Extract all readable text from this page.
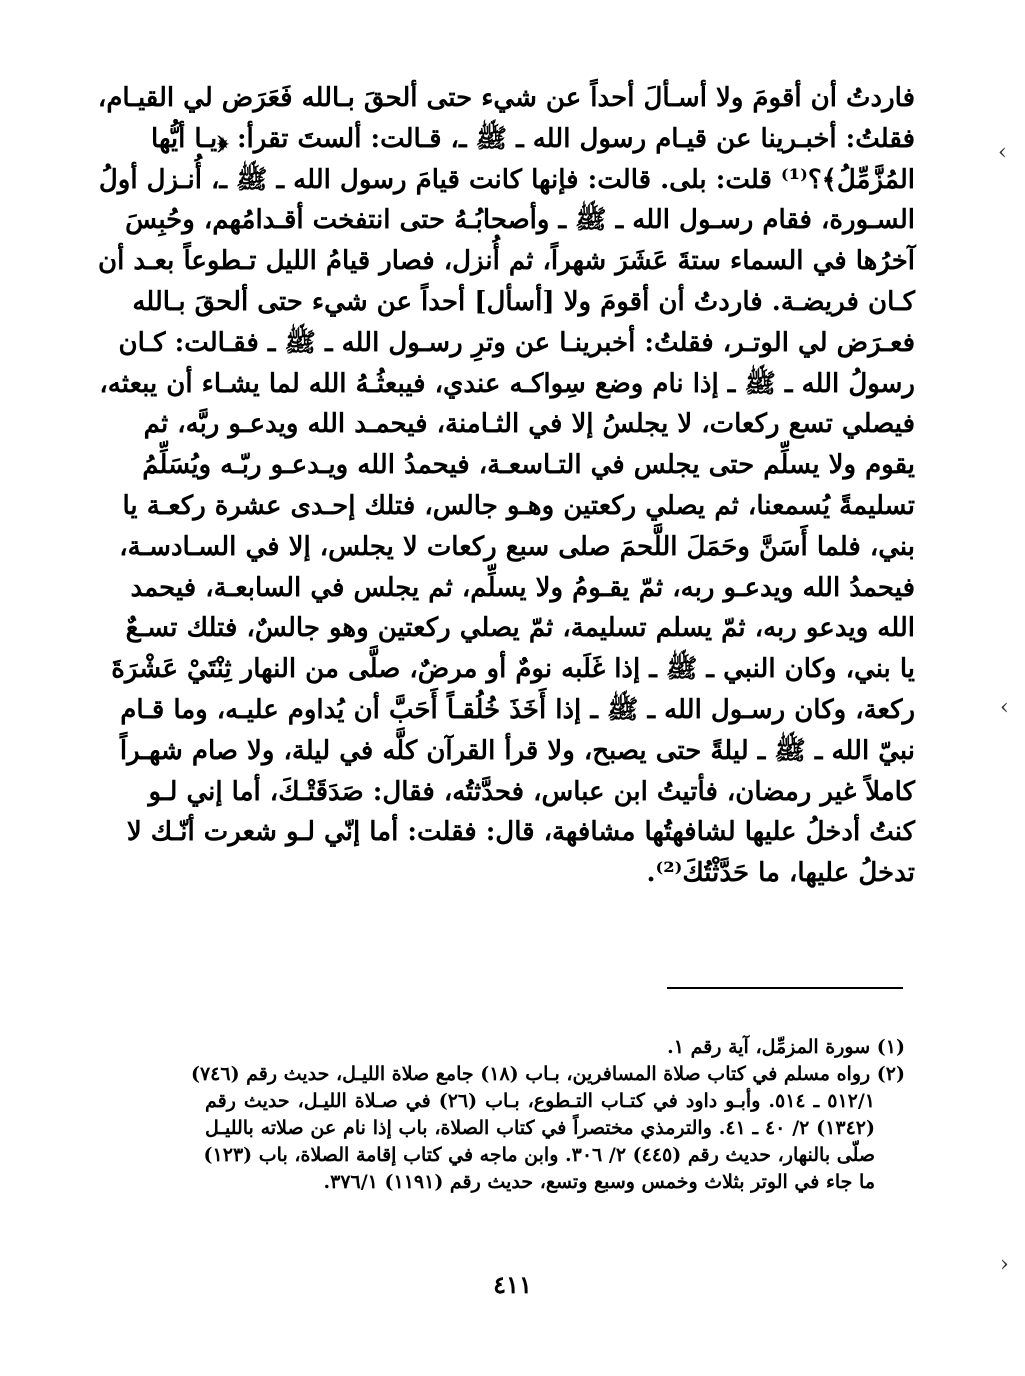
فاردتُ أن أقومَ ولا أسـألَ أحداً عن شيء حتى ألحقَ بـالله فَعَرَض لي القيـام،
فقلتُ: أخبـرينا عن قيـام رسول الله ـ ﷺ ـ، قـالت: ألستَ تقرأ: ﴿يـا أيُّها
المُزَّمِّلُ﴾؟⁽¹⁾ قلت: بلى. قالت: فإنها كانت قيامَ رسول الله ـ ﷺ ـ، أُنـزل أولُ
السـورة، فقام رسـول الله ـ ﷺ ـ وأصحابُـهُ حتى انتفخت أقـدامُهم، وحُبِسَ
آخرُها في السماء ستةَ عَشَرَ شهراً، ثم أُنزل، فصار قيامُ الليل تـطوعاً بعـد أن
كـان فريضـة. فاردتُ أن أقومَ ولا [أسأل] أحداً عن شيء حتى ألحقَ بـالله
فعـرَض لي الوتـر، فقلتُ: أخبرينـا عن وترِ رسـول الله ـ ﷺ ـ فقـالت: كـان
رسولُ الله ـ ﷺ ـ إذا نام وضع سِواكـه عندي، فيبعثُـهُ الله لما يشـاء أن يبعثه،
فيصلي تسع ركعات، لا يجلسُ إلا في الثـامنة، فيحمـد الله ويدعـو ربَّه، ثم
يقوم ولا يسلِّم حتى يجلس في التـاسعـة، فيحمدُ الله ويـدعـو ربّـه ويُسَلِّمُ
تسليمةً يُسمعنا، ثم يصلي ركعتين وهـو جالس، فتلك إحـدى عشرة ركعـة يا
بني، فلما أَسَنَّ وحَمَلَ اللَّحمَ صلى سبع ركعات لا يجلس، إلا في السـادسـة،
فيحمدُ الله ويدعـو ربه، ثمّ يقـومُ ولا يسلِّم، ثم يجلس في السابعـة، فيحمد
الله ويدعو ربه، ثمّ يسلم تسليمة، ثمّ يصلي ركعتين وهو جالسٌ، فتلك تسـعٌ
يا بني، وكان النبي ـ ﷺ ـ إذا غَلَبه نومٌ أو مرضٌ، صلَّى من النهار ثِنْتَيْ عَشْرَةَ
ركعة، وكان رسـول الله ـ ﷺ ـ إذا أَخَذَ خُلُقـاً أَحَبَّ أن يُداوم عليـه، وما قـام
نبيّ الله ـ ﷺ ـ ليلةً حتى يصبح، ولا قرأ القرآن كلَّه في ليلة، ولا صام شهـراً
كاملاً غير رمضان، فأتيتُ ابن عباس، فحدَّثتُه، فقال: صَدَقَتْـكَ، أما إني لـو
كنتُ أدخلُ عليها لشافهتُها مشافهة، قال: فقلت: أما إنّي لـو شعرت أنّـك لا
تدخلُ عليها، ما حَدَّثْتُكَ⁽²⁾.
(١) سورة المزمِّل، آية رقم ١.
(٢) رواه مسلم في كتاب صلاة المسافرين، بـاب (١٨) جامع صلاة الليـل، حديث رقم (٧٤٦)
٥١٢/١ ـ ٥١٤. وأبـو داود في كتـاب التـطوع، بـاب (٢٦) في صـلاة الليـل، حديث رقم
(١٣٤٢) ٢/ ٤٠ ـ ٤١. والترمذي مختصراً في كتاب الصلاة، باب إذا نام عن صلاته بالليـل
صلّى بالنهار، حديث رقم (٤٤٥) ٢/ ٣٠٦. وابن ماجه في كتاب إقامة الصلاة، باب (١٢٣)
ما جاء في الوتر بثلاث وخمس وسبع وتسع، حديث رقم (١١٩١) ٣٧٦/١.
٤١١
‹
‹
›
